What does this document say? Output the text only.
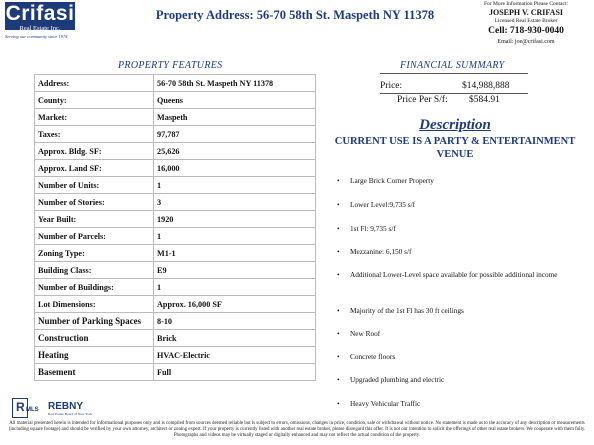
Crifasi
Real Estate Inc.
Serving our community since 1974
Property Address: 56-70 58th St. Maspeth NY 11378
For More Information Please Contact:
JOSEPH V. CRIFASI
Licensed Real Estate Broker
Cell: 718-930-0040
Email: joe@crifasi.com
PROPERTY FEATURES
Address:	56-70 58th St. Maspeth NY 11378
County:	Queens
Market:	Maspeth
Taxes:	97,787
Approx. Bldg. SF:	25,626
Approx. Land SF:	16,000
Number of Units:	1
Number of Stories:	3
Year Built:	1920
Number of Parcels:	1
Zoning Type:	M1-1
Building Class:	E9
Number of Buildings:	1
Lot Dimensions:	Approx. 16,000 SF
Number of Parking Spaces	8-10
Construction	Brick
Heating	HVAC-Electric
Basement	Full
FINANCIAL SUMMARY
Price:	$14,988,888
Price Per S/f: $584.91
Description
CURRENT USE IS A PARTY & ENTERTAINMENT VENUE
• Large Brick Corner Property
• Lower Level:9,735 s/f
• 1st Fl: 9,735 s/f
• Mezzanine: 6,150 s/f
• Additional Lower-Level space available for possible additional income
• Majority of the 1st Fl has 30 ft ceilings
• New Roof
• Concrete floors
• Upgraded plumbing and electric
• Heavy Vehicular Traffic
R MLS REBNY
Real Estate Board of New York
All material presented herein is intended for informational purposes only and is compiled from sources deemed reliable but is subject to errors, omissions, changes in price, condition, sale or withdrawal without notice. No statement is made as to the accuracy of any description or measurements (including square footage) and should be verified by your own attorney, architect or zoning expert. If your property is currently listed with another real estate broker, please disregard this offer. It is not our intention to solicit the offerings of other real estate brokers. We cooperate with them fully. Photographs and videos may be virtually staged or digitally enhanced and may not reflect the actual condition of the property.
